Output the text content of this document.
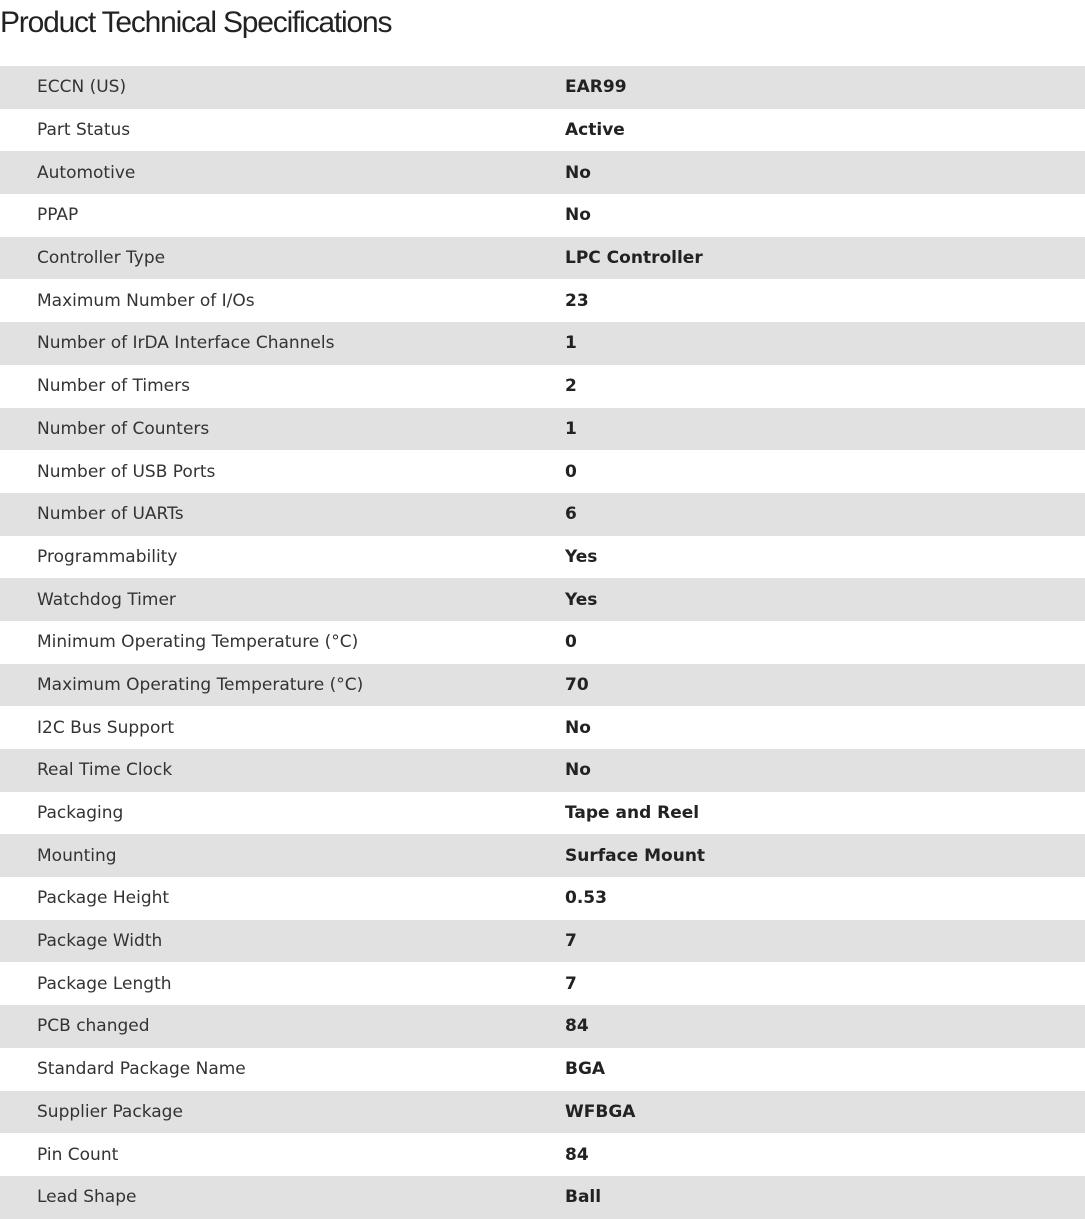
Product Technical Specifications
ECCN (US)	EAR99
Part Status	Active
Automotive	No
PPAP	No
Controller Type	LPC Controller
Maximum Number of I/Os	23
Number of IrDA Interface Channels	1
Number of Timers	2
Number of Counters	1
Number of USB Ports	0
Number of UARTs	6
Programmability	Yes
Watchdog Timer	Yes
Minimum Operating Temperature (°C)	0
Maximum Operating Temperature (°C)	70
I2C Bus Support	No
Real Time Clock	No
Packaging	Tape and Reel
Mounting	Surface Mount
Package Height	0.53
Package Width	7
Package Length	7
PCB changed	84
Standard Package Name	BGA
Supplier Package	WFBGA
Pin Count	84
Lead Shape	Ball
